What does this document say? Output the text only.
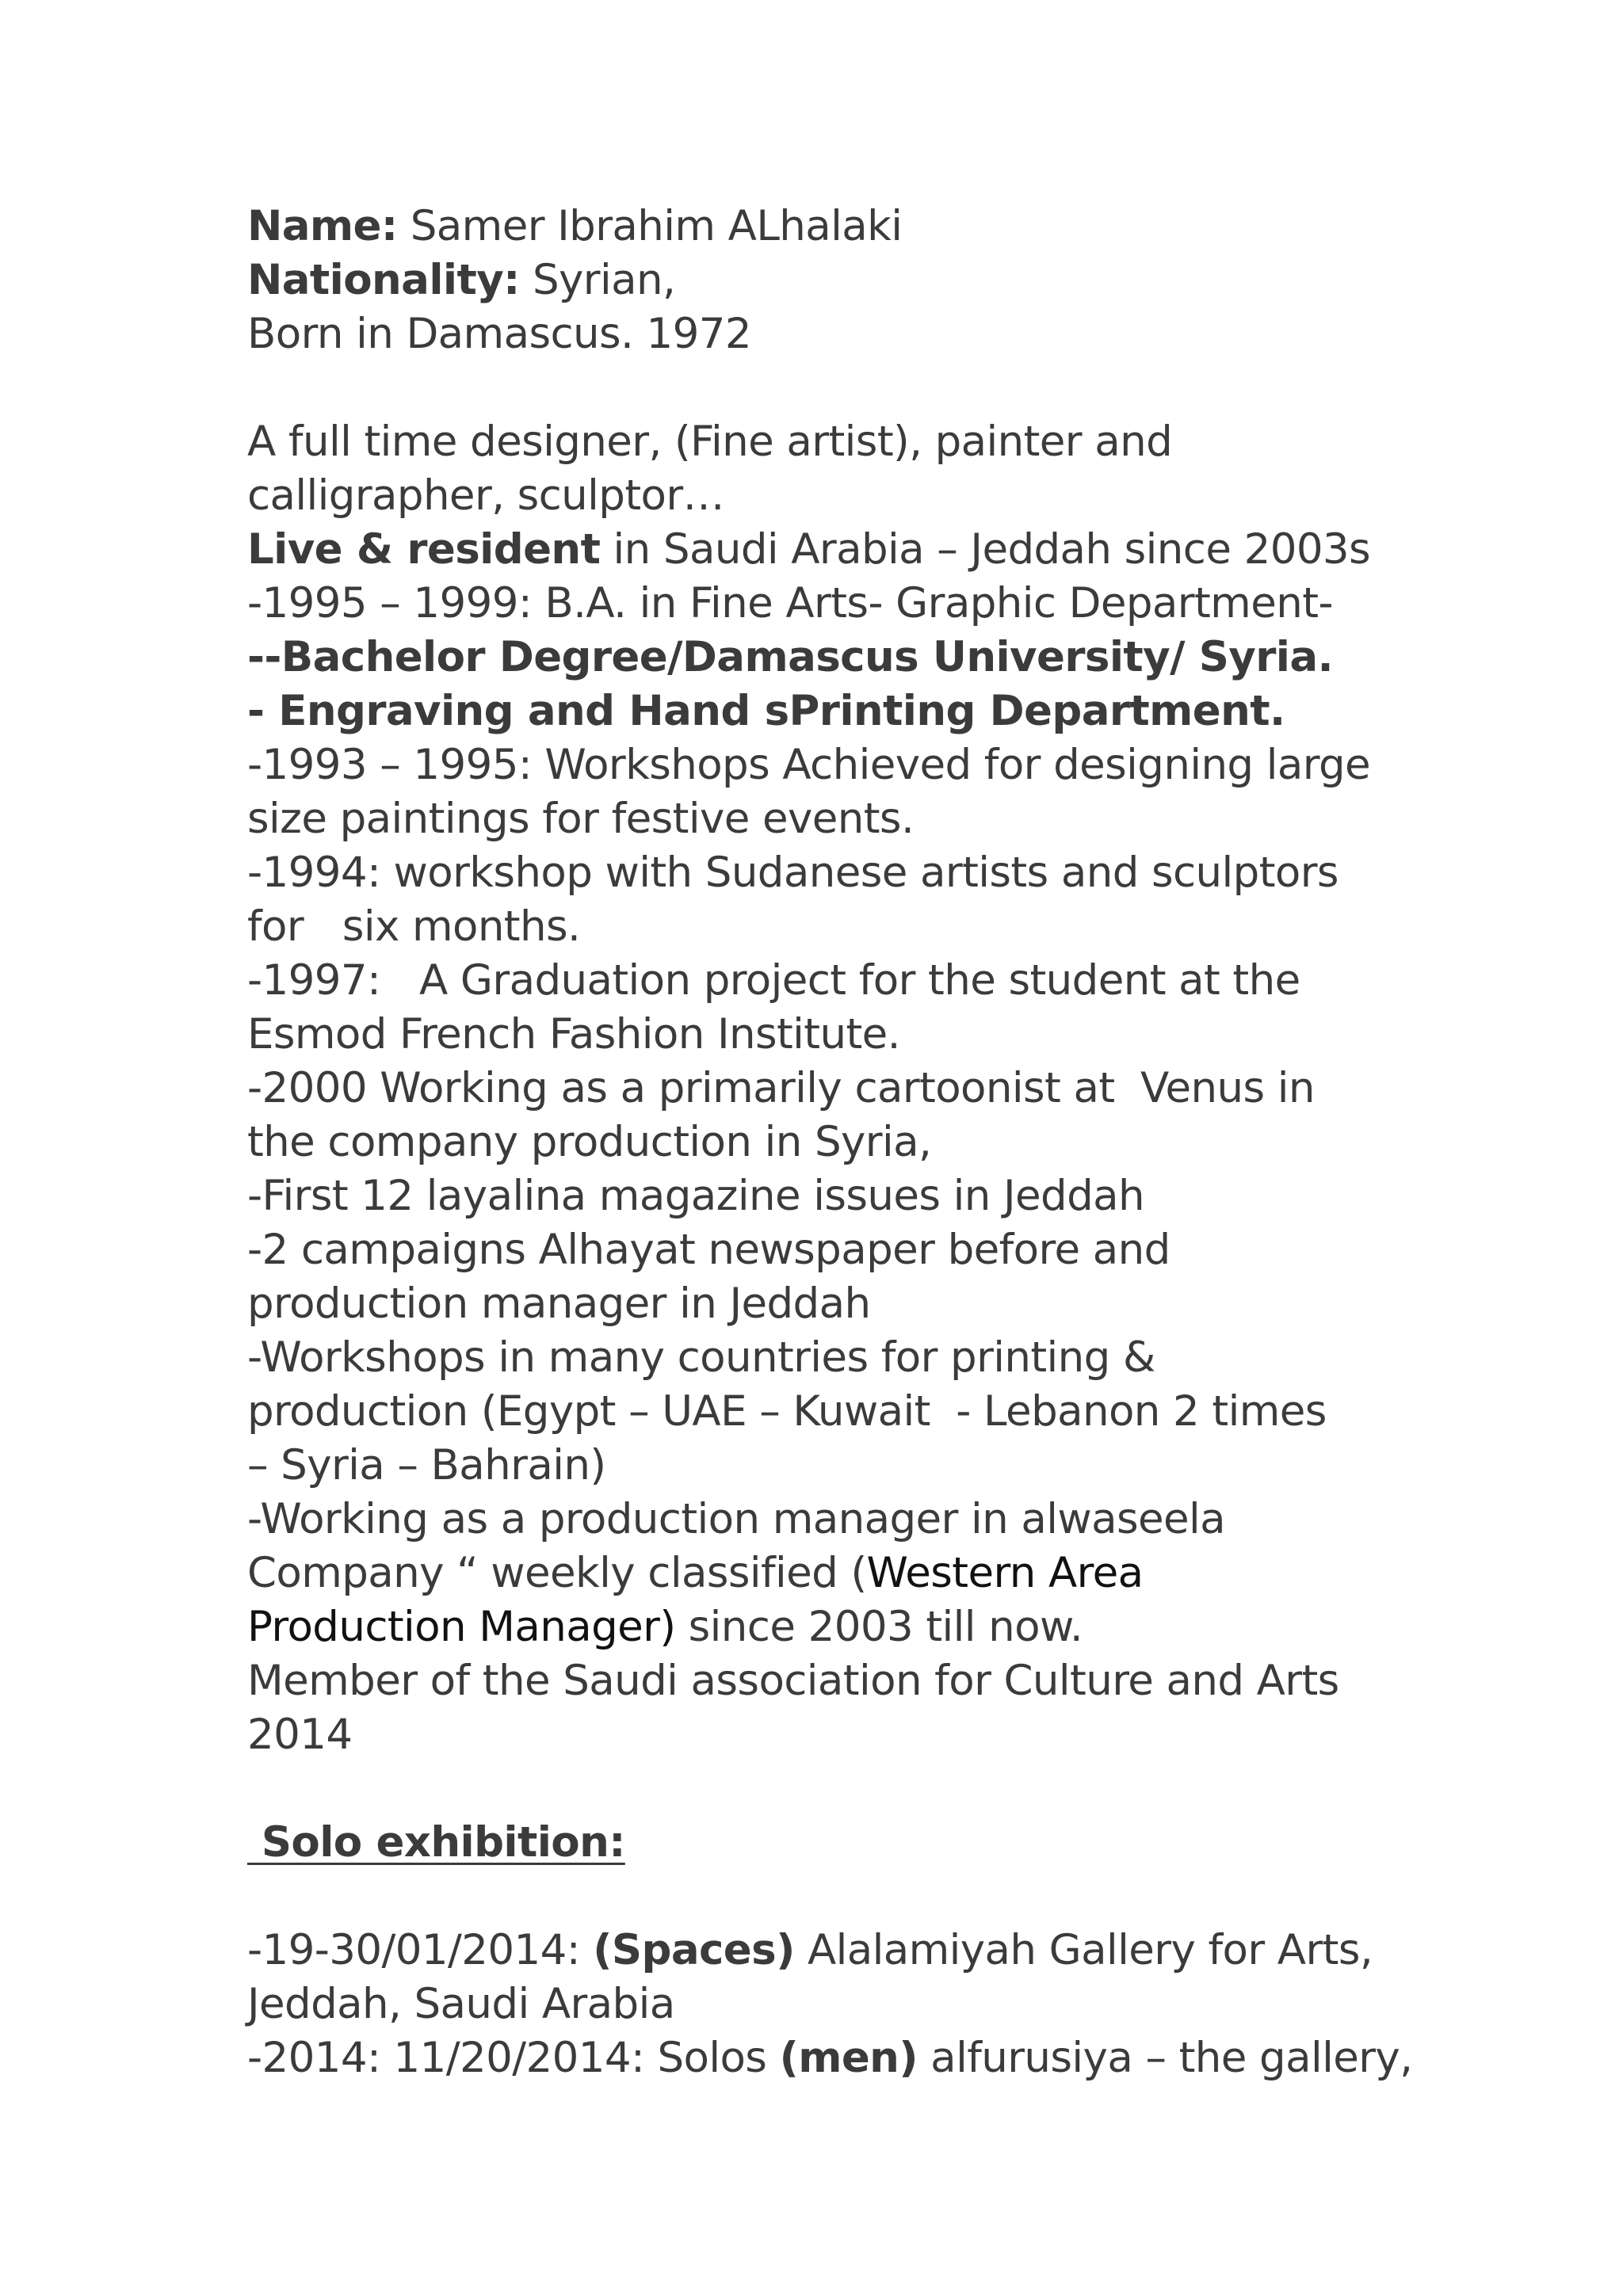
Name: Samer Ibrahim ALhalaki
Nationality: Syrian,
Born in Damascus. 1972
A full time designer, (Fine artist), painter and
calligrapher, sculptor…
Live & resident in Saudi Arabia – Jeddah since 2003s
-1995 – 1999: B.A. in Fine Arts- Graphic Department-
--Bachelor Degree/Damascus University/ Syria.
- Engraving and Hand sPrinting Department.
-1993 – 1995: Workshops Achieved for designing large
size paintings for festive events.
-1994: workshop with Sudanese artists and sculptors
for   six months.
-1997:   A Graduation project for the student at the
Esmod French Fashion Institute.
-2000 Working as a primarily cartoonist at  Venus in
the company production in Syria,
-First 12 layalina magazine issues in Jeddah
-2 campaigns Alhayat newspaper before and
production manager in Jeddah
-Workshops in many countries for printing &
production (Egypt – UAE – Kuwait  - Lebanon 2 times
– Syria – Bahrain)
-Working as a production manager in alwaseela
Company “ weekly classified (Western Area
Production Manager) since 2003 till now.
Member of the Saudi association for Culture and Arts
2014
Solo exhibition:
-19-30/01/2014: (Spaces) Alalamiyah Gallery for Arts,
Jeddah, Saudi Arabia
-2014: 11/20/2014: Solos (men) alfurusiya – the gallery,
